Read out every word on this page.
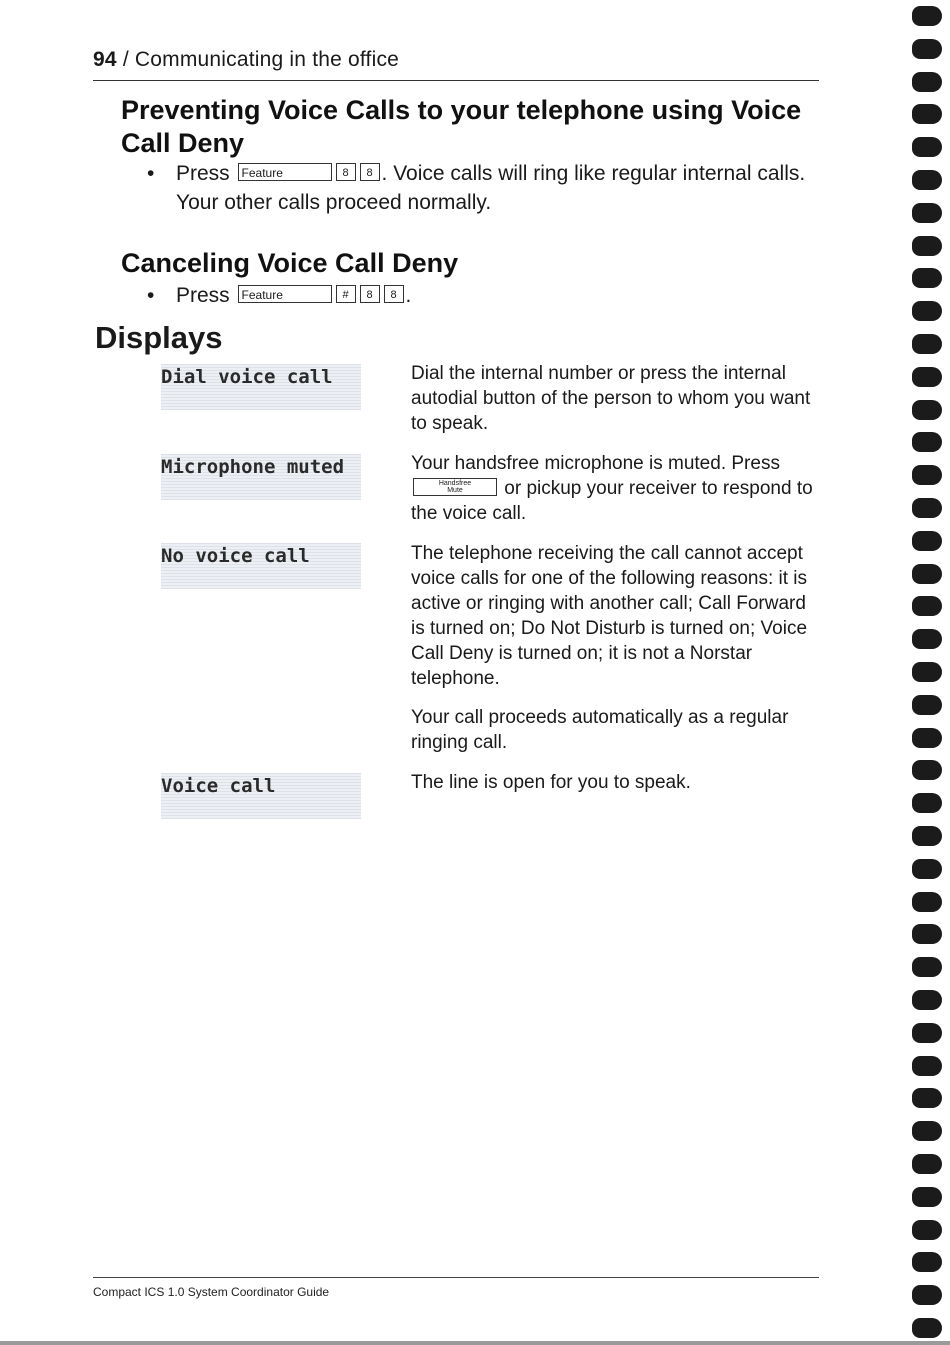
94 / Communicating in the office
Preventing Voice Calls to your telephone using Voice Call Deny
• Press Feature	8 8 . Voice calls will ring like regular internal calls. Your other calls proceed normally.
Canceling Voice Call Deny
• Press Feature	# 8 8 .
Displays
Dial voice call	Dial the internal number or press the internal autodial button of the person to whom you want to speak.
Microphone muted	Your handsfree microphone is muted. Press Handsfree
Mute or pickup your receiver to respond to the voice call.
No voice call	The telephone receiving the call cannot accept voice calls for one of the following reasons: it is active or ringing with another call; Call Forward is turned on; Do Not Disturb is turned on; Voice Call Deny is turned on; it is not a Norstar telephone.
Your call proceeds automatically as a regular ringing call.
Voice call	The line is open for you to speak.
Compact ICS 1.0 System Coordinator Guide
